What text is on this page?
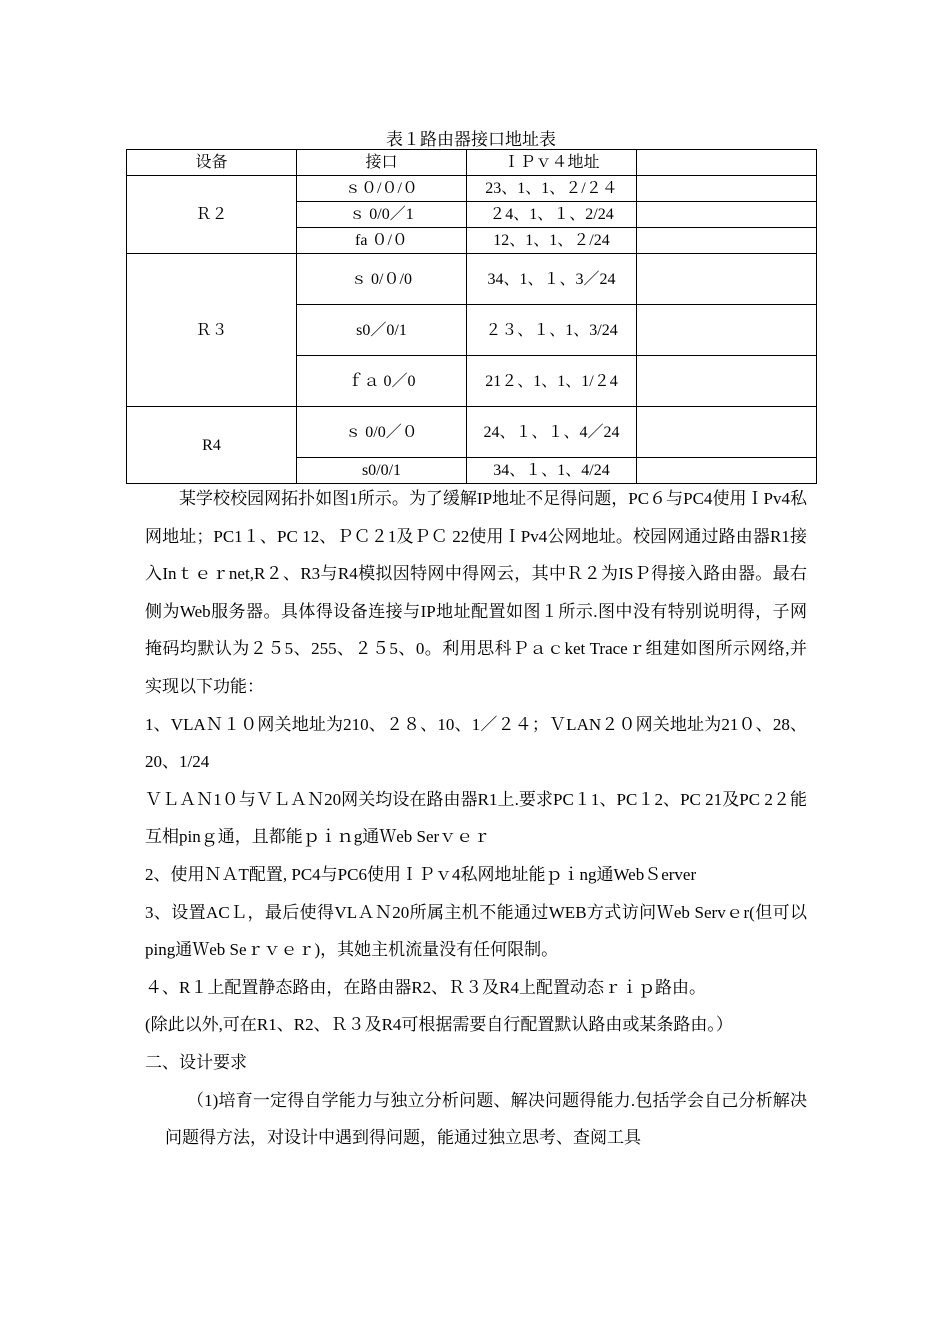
表１路由器接口地址表
设备	接口	ＩＰｖ４地址	
Ｒ２	ｓ０/０/０	23、1、1、２/２４	
	ｓ 0/0／1	２4、1、１、2/24	
	fa ０/０	12、1、1、２/24	
Ｒ３	ｓ 0/０/0	34、1、１、3／24	
	s0／0/1	２３、１、1、3/24	
	ｆａ 0／0	21２、1、1、1/２4	
R4	ｓ 0/0／０	24、１、１、4／24	
	s0/0/1	34、１、1、4/24	

某学校校园网拓扑如图1所示。为了缓解IP地址不足得问题，PC６与PC4使用ＩPv4私网地址；PC1１、PC 12、ＰＣ２1及ＰＣ 22使用ＩPv4公网地址。校园网通过路由器R1接入Inｔｅｒnet,R２、R3与R4模拟因特网中得网云，其中Ｒ２为ISＰ得接入路由器。最右侧为Web服务器。具体得设备连接与IP地址配置如图１所示.图中没有特别说明得，子网掩码均默认为２５5、255、２５5、0。利用思科Ｐａｃket Traceｒ组建如图所示网络,并实现以下功能：

1、VLAＮ１０网关地址为210、２８、10、1／２４；ＶLAN２０网关地址为21０、28、20、1/24

ＶＬＡＮ1０与ＶＬＡＮ20网关均设在路由器R1上.要求PC１1、PC１2、PC 21及PC 2２能互相pinｇ通，且都能ｐｉｎg通Ｗeb Serｖｅｒ

2、使用ＮＡT配置, PC4与PC6使用ＩＰｖ4私网地址能ｐｉng通WebＳerver

3、设置ACＬ，最后使得VLＡＮ20所属主机不能通过WEB方式访问Ｗeb Servｅr(但可以ping通Ｗeb Seｒｖｅｒ)，其她主机流量没有任何限制。

４、R１上配置静态路由，在路由器R2、Ｒ３及R4上配置动态ｒｉｐ路由。

(除此以外,可在R1、R2、Ｒ３及R4可根据需要自行配置默认路由或某条路由。）

二、设计要求

（1)培育一定得自学能力与独立分析问题、解决问题得能力.包括学会自己分析解决问题得方法，对设计中遇到得问题，能通过独立思考、查阅工具
